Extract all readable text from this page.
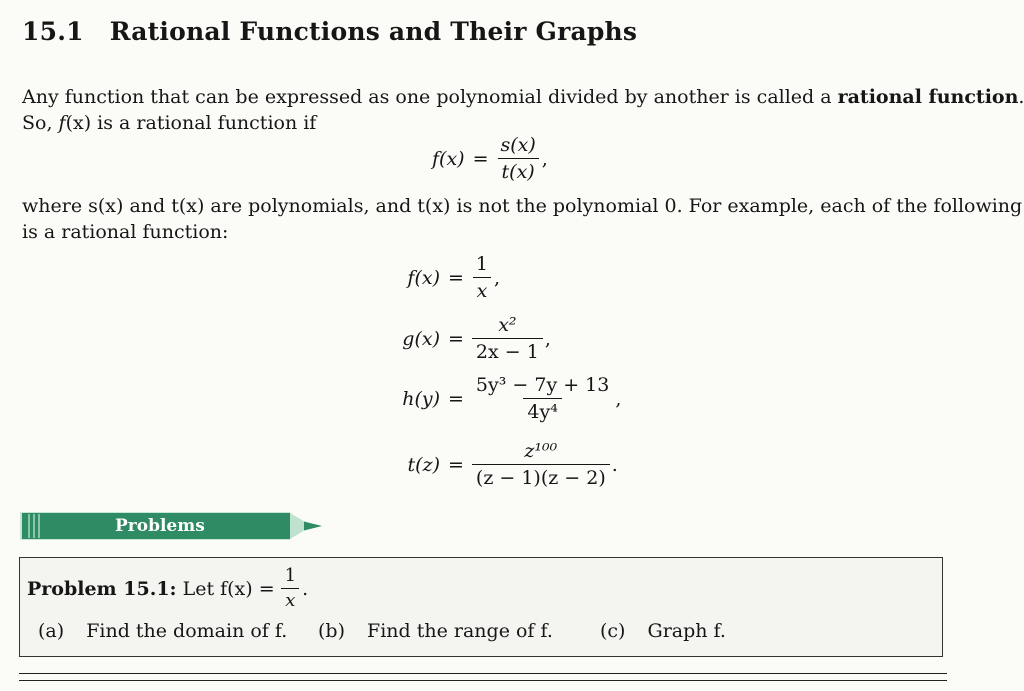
15.1 Rational Functions and Their Graphs
Any function that can be expressed as one polynomial divided by another is called a rational function.
So, f(x) is a rational function if
$f(x) = \frac{s(x)}{t(x)}$ ,
where s(x) and t(x) are polynomials, and t(x) is not the polynomial 0. For example, each of the following
is a rational function:
$f(x) = \frac{1}{x}$ ,
$g(x) = \frac{\text{x²}}{2x - 1}$ ,
$h(y) = \frac{\text{5y³ − 7y + 13}}{\text{4y⁴}}$ ,
$t(z) = \frac{\text{z¹⁰⁰}}{(z - 1)(z - 2)}$ .
Problems
Problem 15.1: Let $f(x) = \frac{1}{x}$ .
(a) Find the domain of f. (b) Find the range of f. (c) Graph f.
